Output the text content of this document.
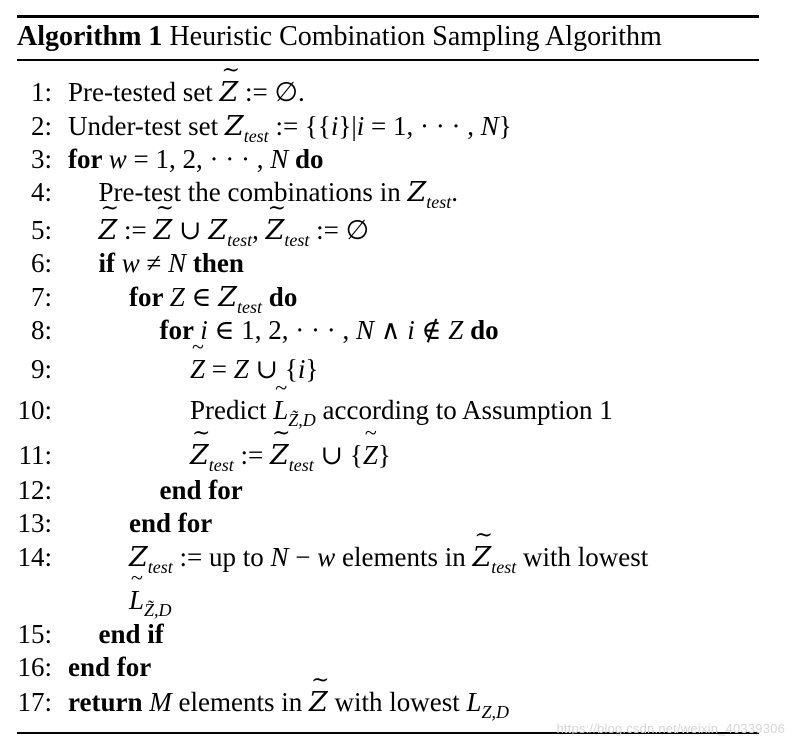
Algorithm 1 Heuristic Combination Sampling Algorithm
1: Pre-tested set ~ Z := ∅.
2: Under-test set $Z_{test}$ := {{i}|i = 1, · · · , N}
3: for w = 1, 2, · · · , N do
4: Pre-test the combinations in $Z_{test}$.
5: ~ Z := ~ Z ∪ $Z_{test}$, ~ $Z_{test}$ := ∅
6: if w ≠ N then
7:	for Z ∈ $Z_{test}$ do
8:	for i ∈ 1, 2, · · · , N ∧ i ∉ Z do
9:	~ Z = Z ∪ {i}
10:	Predict ~ $L_{Z̃,D}$ according to Assumption 1
11:	~ $Z_{test}$ := ~ $Z_{test}$ ∪ {~ Z}
12:	end for
13:	end for
14:	$Z_{test}$ := up to N − w elements in ~ $Z_{test}$ with lowest
~ $L_{Z̃,D}$
15: end if
16: end for
17: return M elements in ~ Z with lowest $L_{Z,D}$
https://blog.csdn.net/weixin_40339306
